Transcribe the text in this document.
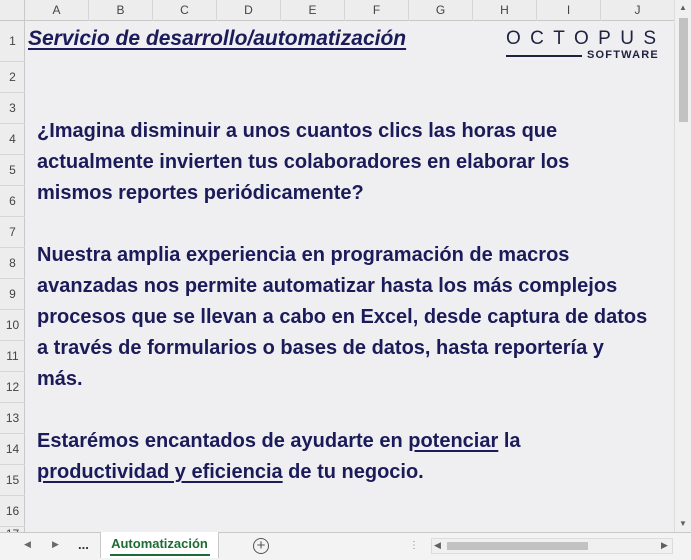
A	B	C	D	E	F	G	H	I	J
1
2
3
4
5
6
7
8
9
10
11
12
13
14
15
16
Servicio de desarrollo/automatización	OCTOPUS
SOFTWARE
¿Imagina disminuir a unos cuantos clics las horas que
actualmente invierten tus colaboradores en elaborar los
mismos reportes periódicamente?
Nuestra amplia experiencia en programación de macros
avanzadas nos permite automatizar hasta los más complejos
procesos que se llevan a cabo en Excel, desde captura de datos
a través de formularios o bases de datos, hasta reportería y
más.
Estarémos encantados de ayudarte en potenciar la
productividad y eficiencia de tu negocio.
▲
▼
◀ ▶ ...	Automatización	+	⋮ ◀	▶
